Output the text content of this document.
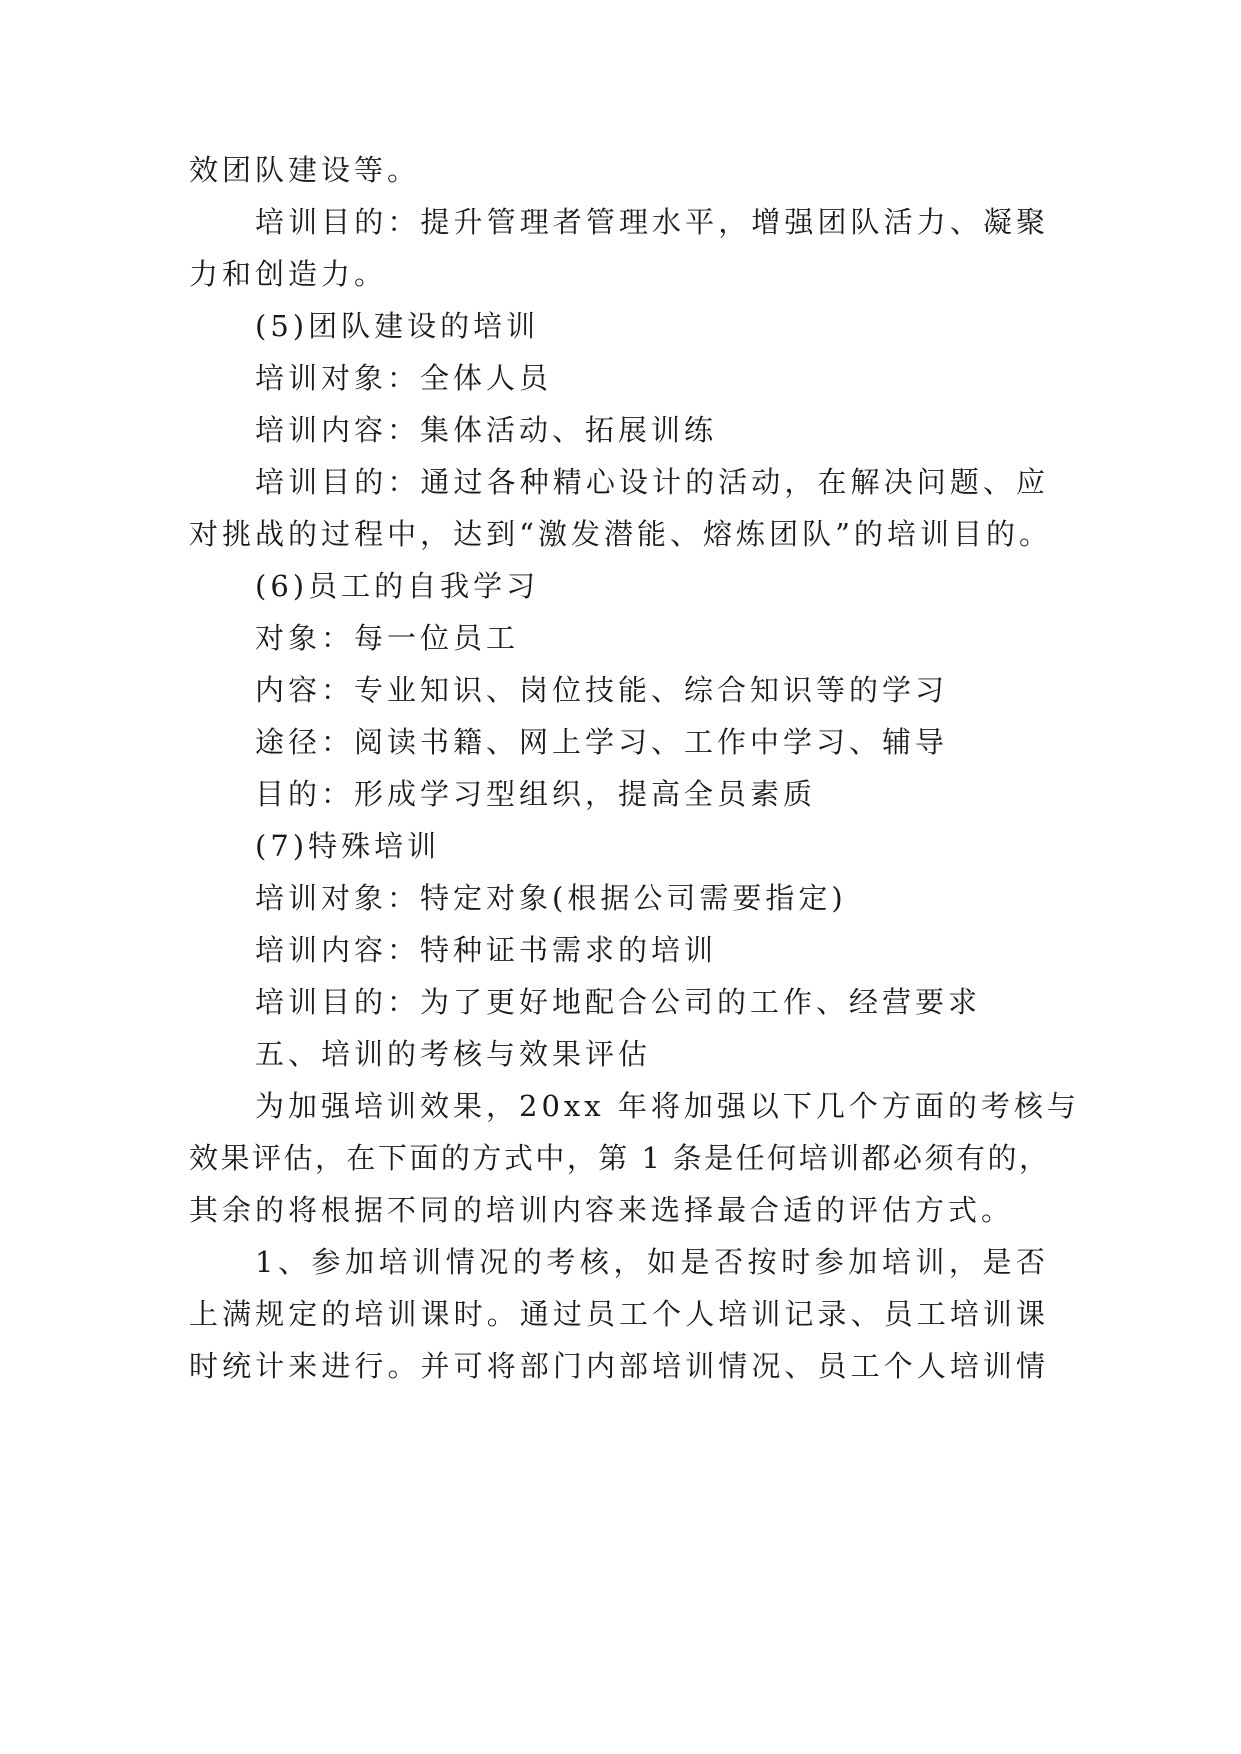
效团队建设等。
培训目的：提升管理者管理水平，增强团队活力、凝聚
力和创造力。
(5)团队建设的培训
培训对象：全体人员
培训内容：集体活动、拓展训练
培训目的：通过各种精心设计的活动，在解决问题、应
对挑战的过程中，达到“激发潜能、熔炼团队”的培训目的。
(6)员工的自我学习
对象：每一位员工
内容：专业知识、岗位技能、综合知识等的学习
途径：阅读书籍、网上学习、工作中学习、辅导
目的：形成学习型组织，提高全员素质
(7)特殊培训
培训对象：特定对象(根据公司需要指定)
培训内容：特种证书需求的培训
培训目的：为了更好地配合公司的工作、经营要求
五、培训的考核与效果评估
为加强培训效果，20xx 年将加强以下几个方面的考核与
效果评估，在下面的方式中，第 1 条是任何培训都必须有的，
其余的将根据不同的培训内容来选择最合适的评估方式。
1、参加培训情况的考核，如是否按时参加培训，是否
上满规定的培训课时。通过员工个人培训记录、员工培训课
时统计来进行。并可将部门内部培训情况、员工个人培训情
